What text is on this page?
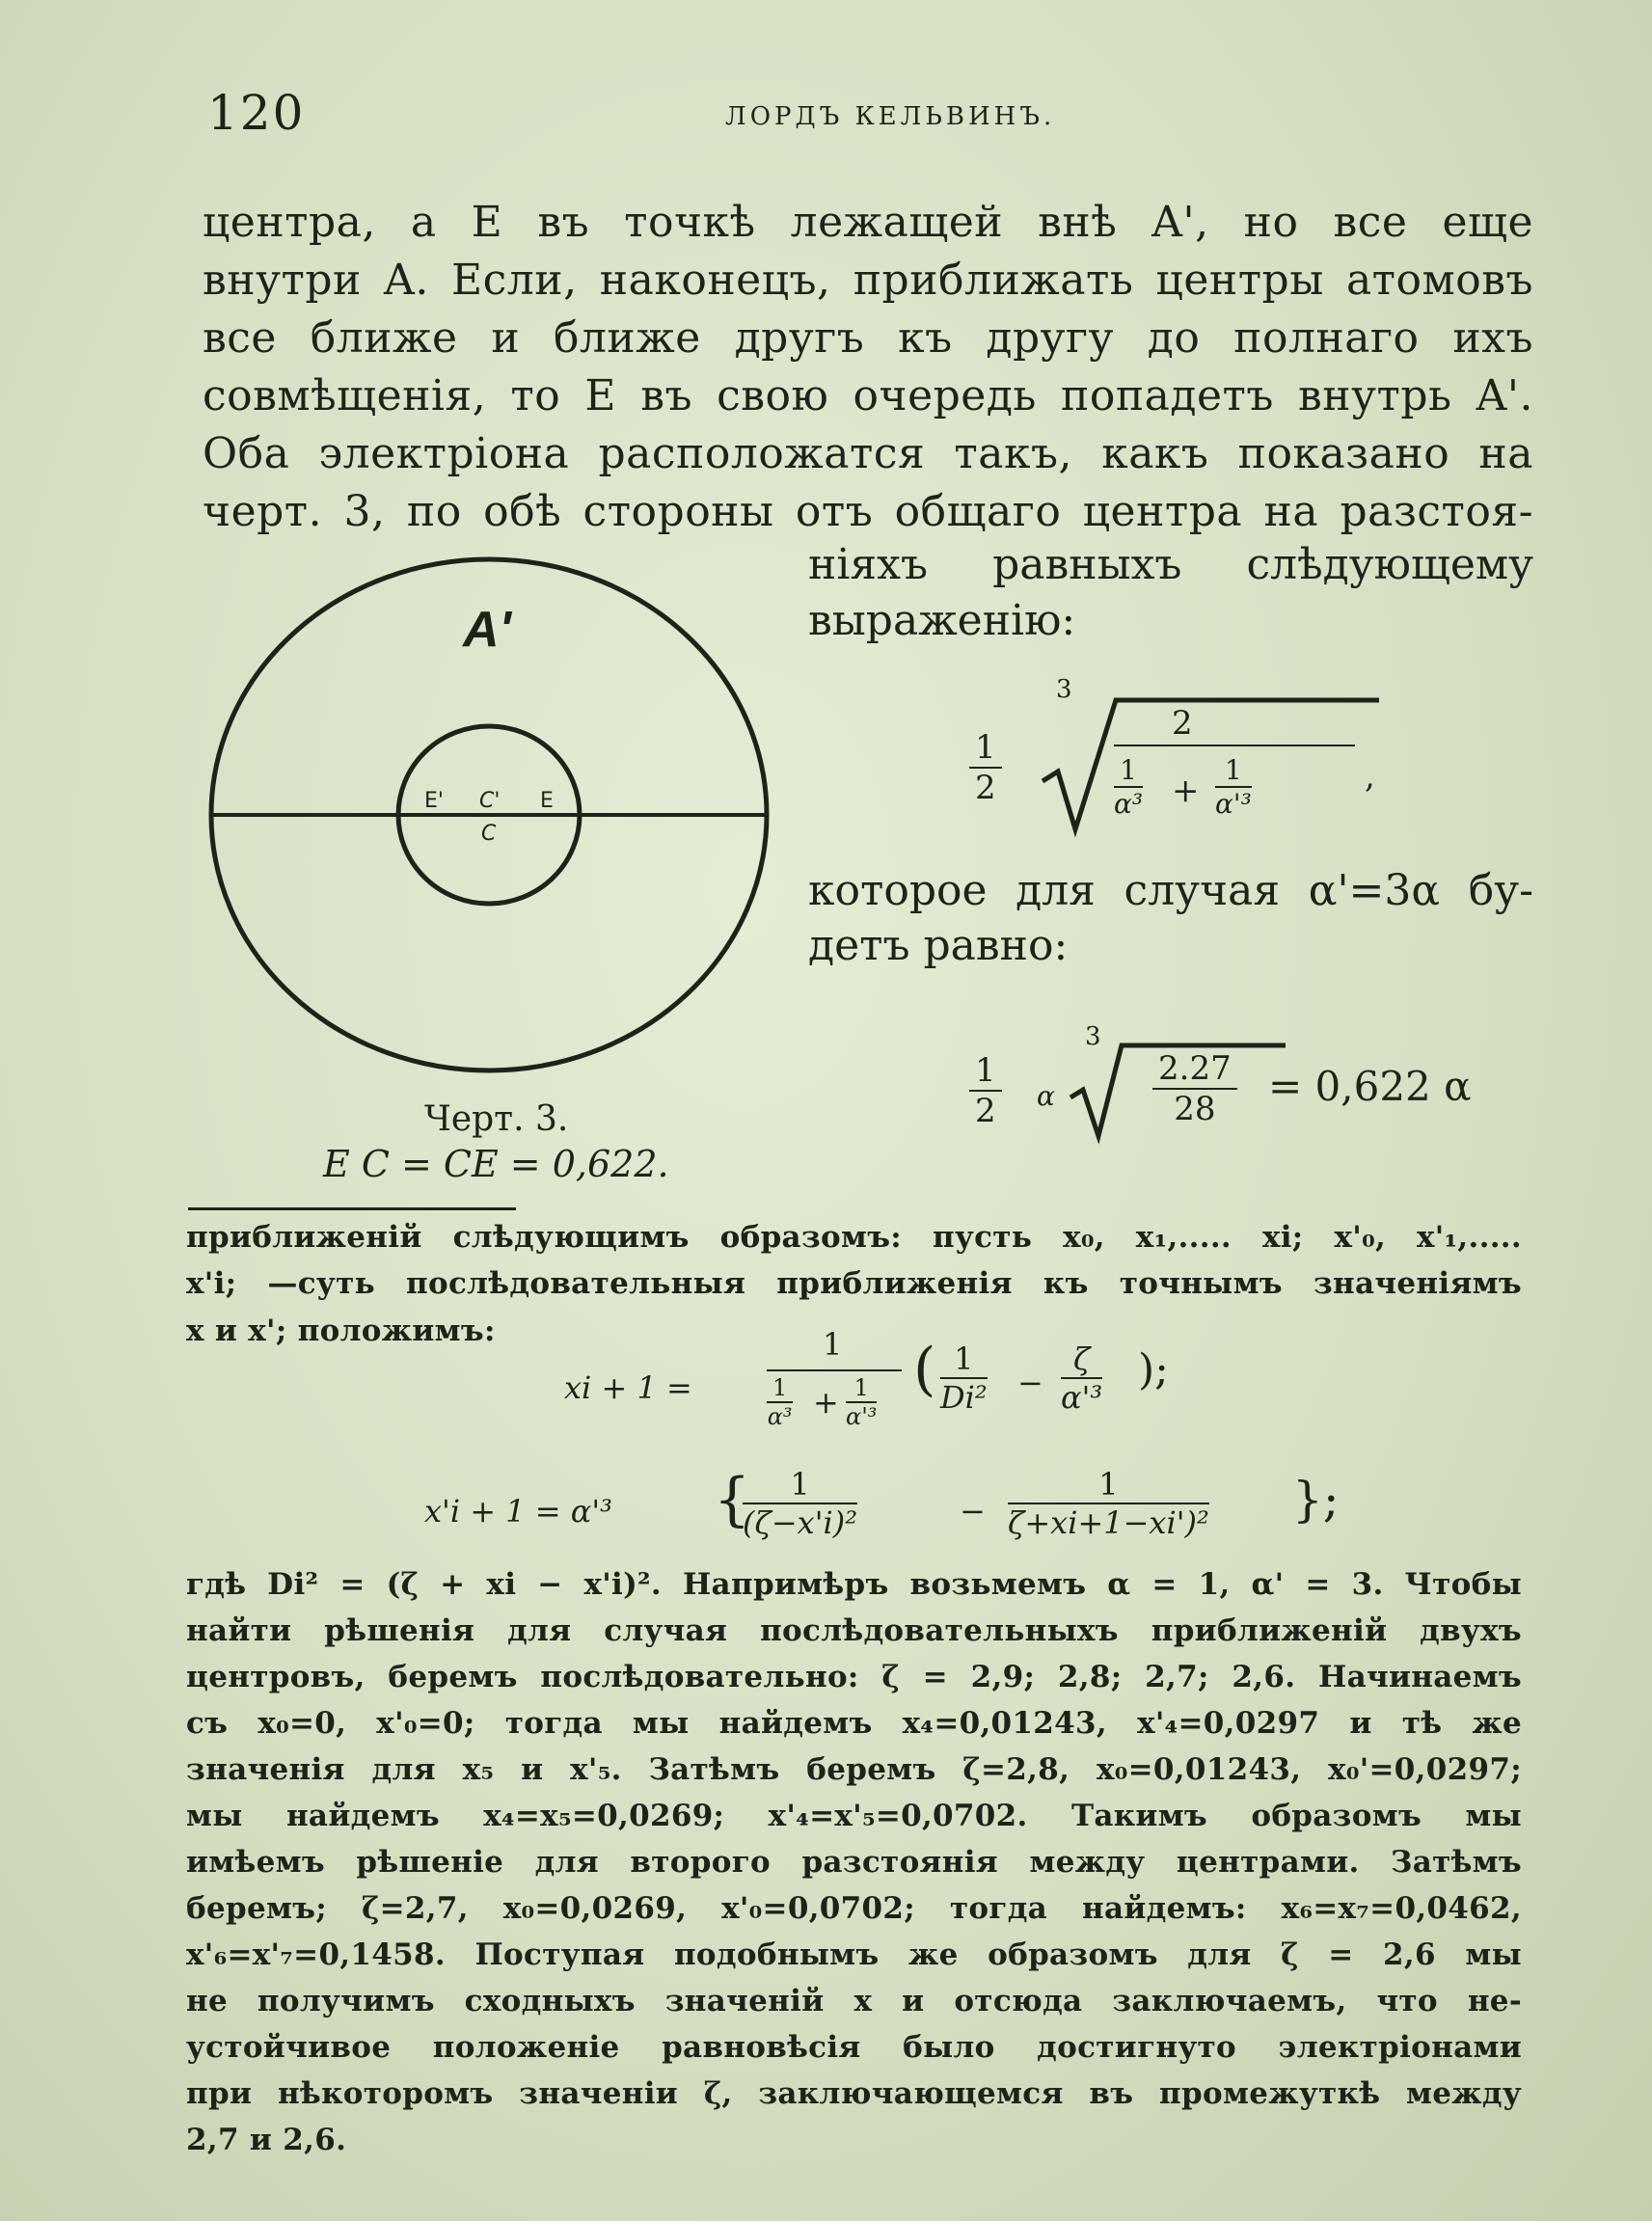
120	ЛОРДЪ КЕЛЬВИНЪ.
центра, а E въ точкѣ лежащей внѣ A', но все еще
внутри A. Если, наконецъ, приближать центры атомовъ
все ближе и ближе другъ къ другу до полнаго ихъ
совмѣщенія, то E въ свою очередь попадетъ внутрь A'.
Оба электріона расположатся такъ, какъ показано на
черт. 3, по обѣ стороны отъ общаго центра на разстоя-
ніяхъ равныхъ слѣдующему
выраженію:
A'
E' C' E
C
Черт. 3.
E C = CE = 0,622.
$\frac{1}{2}$
3
2
$\frac{1}{\text{α³}} + \frac{1}{\text{α'³}}$	,
которое для случая α'=3α бу-
детъ равно:
$\frac{1}{2}$ α
3
$\frac{2.27}{28} = 0,622$ α
приближеній слѣдующимъ образомъ: пусть x₀, x₁,..... xi; x'₀, x'₁,.....
x'i; —суть послѣдовательныя приближенія къ точнымъ значеніямъ
x и x'; положимъ:
xi + 1 =
1
$\frac{1}{\text{α³}} + \frac{1}{\text{α'³}}$ ( $\frac{1}{\text{Di²}} - \frac{\zeta}{\text{α'³}}$ );
x'i + 1 = α'³ {
$\frac{1}{\text{(ζ−x'i)²}}$	− $\frac{1}{\text{ζ+xi+1−xi')²}}$ };
гдѣ Di² = (ζ + xi − x'i)². Напримѣръ возьмемъ α = 1, α' = 3. Чтобы
найти рѣшенія для случая послѣдовательныхъ приближеній двухъ
центровъ, беремъ послѣдовательно: ζ = 2,9; 2,8; 2,7; 2,6. Начинаемъ
съ x₀=0, x'₀=0; тогда мы найдемъ x₄=0,01243, x'₄=0,0297 и тѣ же
значенія для x₅ и x'₅. Затѣмъ беремъ ζ=2,8, x₀=0,01243, x₀'=0,0297;
мы найдемъ x₄=x₅=0,0269; x'₄=x'₅=0,0702. Такимъ образомъ мы
имѣемъ рѣшеніе для второго разстоянія между центрами. Затѣмъ
беремъ; ζ=2,7, x₀=0,0269, x'₀=0,0702; тогда найдемъ: x₆=x₇=0,0462,
x'₆=x'₇=0,1458. Поступая подобнымъ же образомъ для ζ = 2,6 мы
не получимъ сходныхъ значеній x и отсюда заключаемъ, что не-
устойчивое положеніе равновѣсія было достигнуто электріонами
при нѣкоторомъ значеніи ζ, заключающемся въ промежуткѣ между
2,7 и 2,6.
